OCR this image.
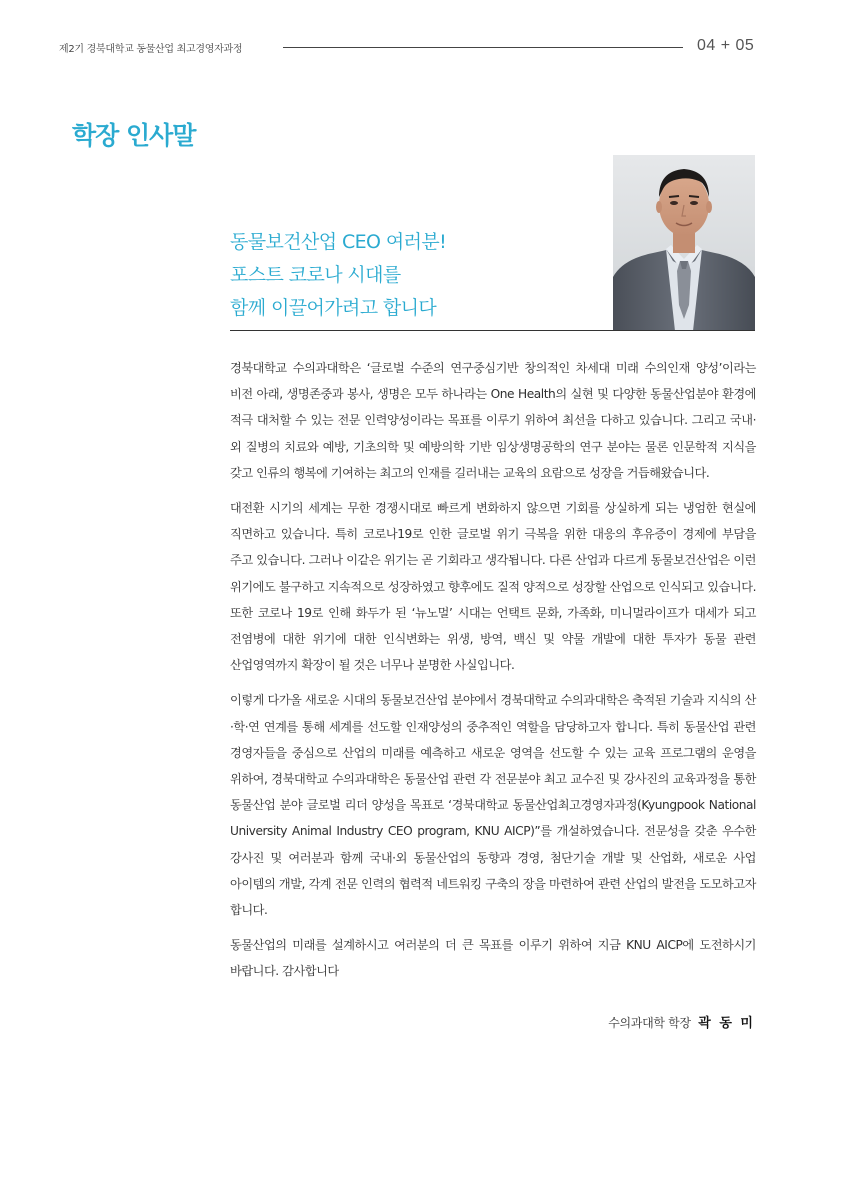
제2기 경북대학교 동물산업 최고경영자과정	04 + 05
학장 인사말
동물보건산업 CEO 여러분!
포스트 코로나 시대를
함께 이끌어가려고 합니다

경북대학교 수의과대학은 ‘글로벌 수준의 연구중심기반 창의적인 차세대 미래 수의인재 양성’이라는 비전 아래, 생명존중과 봉사, 생명은 모두 하나라는 One Health의 실현 및 다양한 동물산업분야 환경에 적극 대처할 수 있는 전문 인력양성이라는 목표를 이루기 위하여 최선을 다하고 있습니다. 그리고 국내·외 질병의 치료와 예방, 기초의학 및 예방의학 기반 임상생명공학의 연구 분야는 물론 인문학적 지식을 갖고 인류의 행복에 기여하는 최고의 인재를 길러내는 교육의 요람으로 성장을 거듭해왔습니다.

대전환 시기의 세계는 무한 경쟁시대로 빠르게 변화하지 않으면 기회를 상실하게 되는 냉엄한 현실에 직면하고 있습니다. 특히 코로나19로 인한 글로벌 위기 극복을 위한 대응의 후유증이 경제에 부담을 주고 있습니다. 그러나 이같은 위기는 곧 기회라고 생각됩니다. 다른 산업과 다르게 동물보건산업은 이런 위기에도 불구하고 지속적으로 성장하였고 향후에도 질적 양적으로 성장할 산업으로 인식되고 있습니다. 또한 코로나 19로 인해 화두가 된 ‘뉴노멀’ 시대는 언택트 문화, 가족화, 미니멀라이프가 대세가 되고 전염병에 대한 위기에 대한 인식변화는 위생, 방역, 백신 및 약물 개발에 대한 투자가 동물 관련 산업영역까지 확장이 될 것은 너무나 분명한 사실입니다.

이렇게 다가올 새로운 시대의 동물보건산업 분야에서 경북대학교 수의과대학은 축적된 기술과 지식의 산·학·연 연계를 통해 세계를 선도할 인재양성의 중추적인 역할을 담당하고자 합니다. 특히 동물산업 관련 경영자들을 중심으로 산업의 미래를 예측하고 새로운 영역을 선도할 수 있는 교육 프로그램의 운영을 위하여, 경북대학교 수의과대학은 동물산업 관련 각 전문분야 최고 교수진 및 강사진의 교육과정을 통한 동물산업 분야 글로벌 리더 양성을 목표로 ‘경북대학교 동물산업최고경영자과정(Kyungpook National University Animal Industry CEO program, KNU AICP)”를 개설하였습니다. 전문성을 갖춘 우수한 강사진 및 여러분과 함께 국내·외 동물산업의 동향과 경영, 첨단기술 개발 및 산업화, 새로운 사업 아이템의 개발, 각계 전문 인력의 협력적 네트워킹 구축의 장을 마련하여 관련 산업의 발전을 도모하고자 합니다.

동물산업의 미래를 설계하시고 여러분의 더 큰 목표를 이루기 위하여 지금 KNU AICP에 도전하시기 바랍니다. 감사합니다

수의과대학 학장 곽 동 미
